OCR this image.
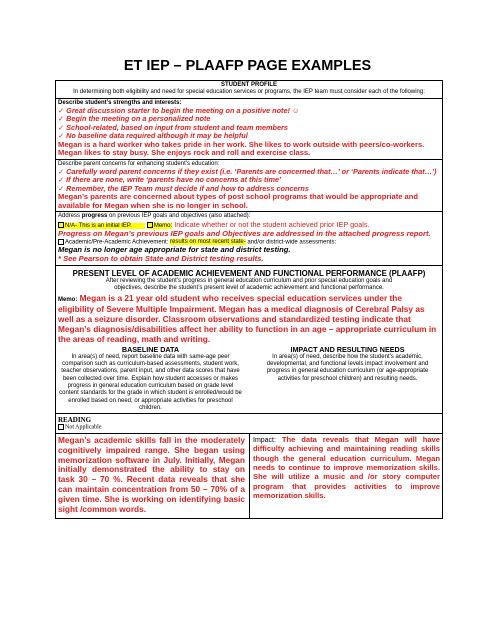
ET IEP – PLAAFP PAGE EXAMPLES
STUDENT PROFILE
In determining both eligibility and need for special education services or programs, the IEP team must consider each of the following:
Describe student’s strengths and interests:
✓ Great discussion starter to begin the meeting on a positive note! ☺
✓ Begin the meeting on a personalized note
✓ School-related, based on input from student and team members
✓ No baseline data required although it may be helpful
Megan is a hard worker who takes pride in her work. She likes to work outside with peers/co-workers. Megan likes to stay busy. She enjoys rock and roll and exercise class.
Describe parent concerns for enhancing student’s education:
✓ Carefully word parent concerns if they exist (i.e. ‘Parents are concerned that…’ or ‘Parents indicate that…’)
✓ If there are none, write ‘parents have no concerns at this time’
✓ Remember, the IEP Team must decide if and how to address concerns
Megan’s parents are concerned about types of post school programs that would be appropriate and available for Megan when she is no longer in school.
Address progress on previous IEP goals and objectives (also attached):
N/A- This is an initial IEP.	Memo: Indicate whether or not the student achieved prior IEP goals.
Progress on Megan’s previous IEP goals and Objectives are addressed in the attached progress report.
Academic/Pre-Academic Achievement: results on most recent state- and/or district-wide assessments:
Megan is no longer age appropriate for state and district testing.
* See Pearson to obtain State and District testing results.
PRESENT LEVEL OF ACADEMIC ACHIEVEMENT AND FUNCTIONAL PERFORMANCE (PLAAFP)
After reviewing the student’s progress in general education curriculum and prior special education goals and objectives, describe the student’s present level of academic achievement and functional performance.
Memo: Megan is a 21 year old student who receives special education services under the eligibility of Severe Multiple Impairment. Megan has a medical diagnosis of Cerebral Palsy as well as a seizure disorder. Classroom observations and standardized testing indicate that Megan’s diagnosis/disabilities affect her ability to function in an age – appropriate curriculum in the areas of reading, math and writing.
BASELINE DATA
In area(s) of need, report baseline data with same-age peer comparison such as curriculum-based assessments, student work, teacher observations, parent input, and other data scores that have been collected over time. Explain how student accesses or makes progress in general education curriculum based on grade level content standards for the grade in which student is enrolled/would be enrolled based on need, or appropriate activities for preschool children.
IMPACT AND RESULTING NEEDS
In area(s) of need, describe how the student’s academic, developmental, and functional levels impact involvement and progress in general education curriculum (or age-appropriate activities for preschool children) and resulting needs.
READING
Not Applicable
Megan’s academic skills fall in the moderately cognitively impaired range. She began using memorization software in July. Initially, Megan initially demonstrated the ability to stay on task 30 – 70 %. Recent data reveals that she can maintain concentration from 50 – 70% of a given time. She is working on identifying basic sight /common words.
Impact: The data reveals that Megan will have difficulty achieving and maintaining reading skills though the general education curriculum. Megan needs to continue to improve memorization skills. She will utilize a music and /or story computer program that provides activities to improve memorization skills.
